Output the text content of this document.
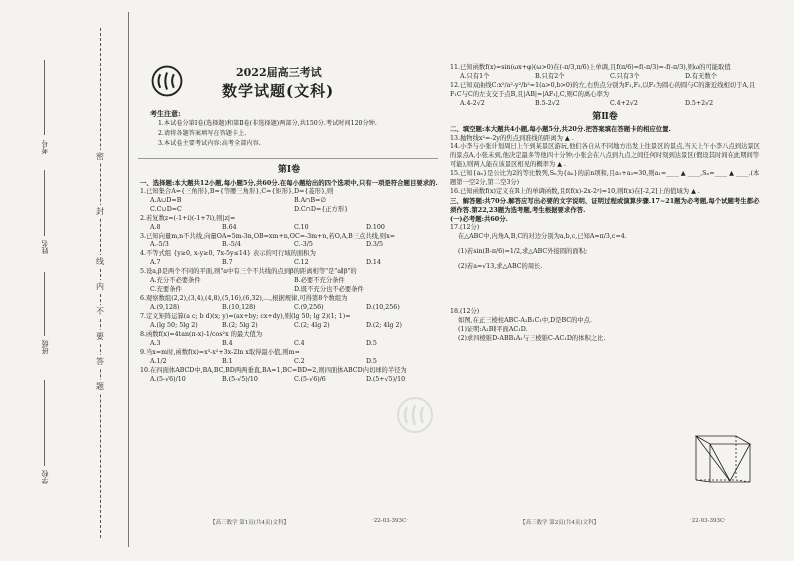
考号
姓名
班级
学校
密
封
线
内
不
要
答
题
2022届高三考试
数学试题(文科)
考生注意:
1.本试卷分第Ⅰ卷(选择题)和第Ⅱ卷(非选择题)两部分,共150分.考试时间120分钟.
2.请将各题答案填写在答题卡上.
3.本试卷主要考试内容:高考全部内容.
第Ⅰ卷
一、选择题:本大题共12小题,每小题5分,共60分.在每小题给出的四个选项中,只有一项是符合题目要求的.

1.已知集合A={三角形},B={等腰三角形},C={矩形},D={菱形},则

A.A∪D=B	B.A∩B=∅
C.C∪D=C	D.C∩D={正方形}

2.若复数z=(-1+i)(-1+7i),则|z|=

A.8	B.64	C.10	D.100

3.已知向量m,n不共线,向量OA=5m-3n,OB=xm+n,OC=-3m+n,若O,A,B三点共线,则x=

A.-5/3	B.-5/4	C.-3/5	D.3/5

4.不等式组 {y≥0, x-y≥0, 7x-5y≤14} 表示的可行域的面积为

A.7	B.7	C.12	D.14

5.设a,β是两个不同的平面,则"a中有三个不共线的点到β的距离相等"是"a∥β"的

A.充分不必要条件	B.必要不充分条件
C.充要条件	D.既不充分也不必要条件

6.观察数组(2,2),(3,4),(4,8),(5,16),(6,32),…,根据规律,可得第8个数组为

A.(9,128)	B.(10,128)	C.(9,256)	D.(10,256)

7.定义矩阵运算(a c; b d)(x; y)=(ax+by; cx+dy),则(lg 50; lg 2)(1; 1)=

A.(lg 50; 5lg 2)	B.(2; 5lg 2)	C.(2; 4lg 2)	D.(2; 4lg 2)

8.函数f(x)=4tan(π-x)-1/cos²x 的最大值为

A.3	B.4	C.4	D.5

9.当x=m时,函数f(x)=x³-x²+3x-2ln x取得最小值,则m=

A.1/2	B.1	C.2	D.5

10.在四面体ABCD中,BA,BC,BD两两垂直,BA=1,BC=BD=2,则四面体ABCD内切球的半径为

A.(5-√6)/10	B.(5-√5)/10	C.(5-√6)/6	D.(5+√5)/10
【高三数学 第1页(共4页)文科】	·22-03-393C·

11.已知函数f(x)=sin(ωx+φ)(ω>0)在(-π/3,π/6)上单调,且f(π/6)=f(-π/3)=-f(-π/3),则ω的可能取值

A.只有1个	B.只有2个	C.只有3个	D.有无数个

12.已知双曲线C:x²/a²-y²/b²=1(a>0,b>0)的左,右焦点分别为F₁,F₂,以F₂为圆心的圆与C的渐近线相切于A,且F₁C与C的左支交于点B,且|AB|=|AF₁|,C,则C的离心率为

A.4-2√2	B.5-2√2	C.4+2√2	D.5+2√2
第Ⅱ卷
二、填空题:本大题共4小题,每小题5分,共20分.把答案填在答题卡的相应位置.

13.抛物线x²=-2y的焦点到准线的距离为 ▲ .

14.小李与小张计划周日上午到某景区游玩,他们各自从不同地方出发上往景区的景点,当天上午小李八点到达景区的景点A,小张未到,他决定最多等他四十分钟;小张会在八点到九点之间任何时刻到达景区(假设其时间在此期间等可能),则两人能在该景区相见的概率为 ▲ .

15.已知{aₙ}是公比为2的等比数列,Sₙ为{aₙ}的前n项和,且a₁+a₃=30,则a₁=____ ▲ ____,Sₙ=____ ▲ ____.(本题第一空2分,第二空3分)

16.已知函数f(x)定义在R上的单调函数,且f(f(x)-2x-2ᵡ)=10,则f(x)在[-2,2]上的值域为 ▲ .

三、解答题:共70分.解答应写出必要的文字说明、证明过程或演算步骤.17~21题为必考题,每个试题考生都必须作答.第22,23题为选考题,考生根据要求作答.
(一)必考题:共60分.

17.(12分)

在△ABC中,内角A,B,C的对边分别为a,b,c,已知A=π/3,c=4.

(1)若sin(B-π/6)=1/2,求△ABC外接圆的面积;

(2)若a=√13,求△ABC的周长.

18.(12分)

如图,在正三棱柱ABC-A₁B₁C₁中,D是BC的中点.

(1)证明:A₁B∥平面AC₁D.

(2)求四棱锥D-ABB₁A₁与三棱锥C-AC₁D的体积之比.

【高三数学 第2页(共4页)文科】	·22-03-393C·
